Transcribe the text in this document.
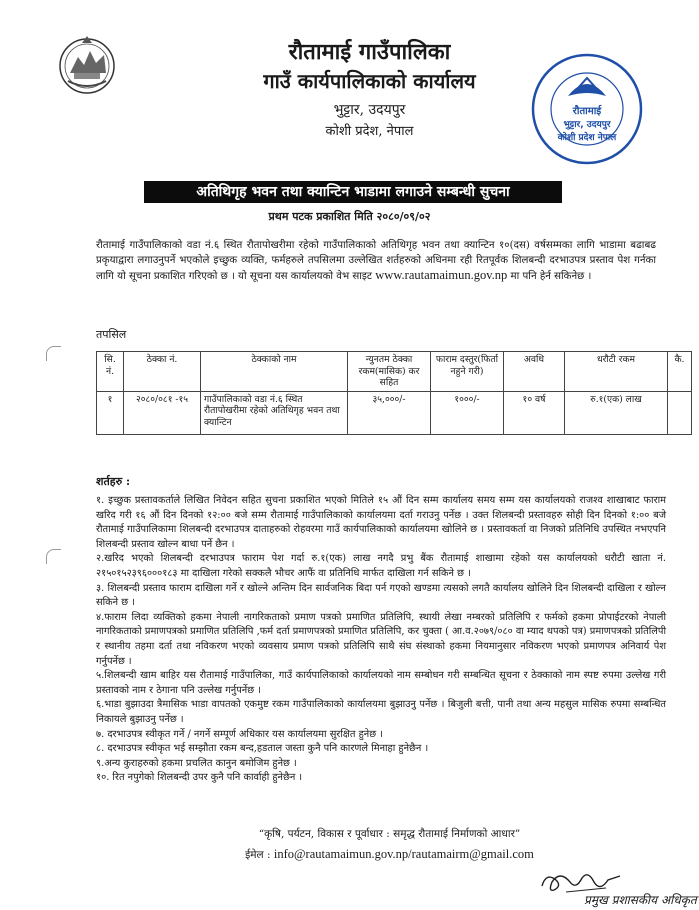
रौतामाई गाउँपालिका
गाउँ कार्यपालिकाको कार्यालय
भुट्टार, उदयपुर
कोशी प्रदेश, नेपाल
रौतामाई
भुट्टार, उदयपुर
कोशी प्रदेश नेपाल
अतिथिगृह भवन तथा क्यान्टिन भाडामा लगाउने सम्बन्धी सुचना
प्रथम पटक प्रकाशित मिति २०८०/०९/०२
रौतामाई गाउँपालिकाको वडा नं.६ स्थित रौतापोखरीमा रहेको गाउँपालिकाको अतिथिगृह भवन तथा क्यान्टिन १०(दस) वर्षसम्मका लागि भाडामा बढाबढ प्रकृयाद्वारा लगाउनुपर्ने भएकोले इच्छुक व्यक्ति, फर्महरुले तपसिलमा उल्लेखित शर्तहरुको अधिनमा रही रितपूर्वक शिलबन्दी दरभाउपत्र प्रस्ताव पेश गर्नका लागि यो सूचना प्रकाशित गरिएको छ । यो सूचना यस कार्यालयको वेभ साइट www.rautamaimun.gov.np मा पनि हेर्न सकिनेछ ।
तपसिल
सि. नं.	ठेक्का नं.	ठेक्काको नाम	न्युनतम ठेक्का रकम(मासिक) कर सहित	फाराम दस्तुर(फिर्ता नहुने गरी)	अवधि	धरौटी रकम	कै.
१	२०८०/०८१ -१५	गाउँपालिकाको वडा नं.६ स्थित रौतापोखरीमा रहेको अतिथिगृह भवन तथा क्यान्टिन	३५,०००/-	१०००/-	१० वर्ष	रु.१(एक) लाख	
शर्तहरु :
१. इच्छुक प्रस्तावकर्ताले लिखित निवेदन सहित सुचना प्रकाशित भएको मितिले १५ औं दिन सम्म कार्यालय समय सम्म यस कार्यालयको राजश्व शाखाबाट फाराम खरिद गरी १६ औं दिन दिनको १२:०० बजे सम्म रौतामाई गाउँपालिकाको कार्यालयमा दर्ता गराउनु पर्नेछ । उक्त शिलबन्दी प्रस्तावहरु सोही दिन दिनको १:०० बजे रौतामाई गाउँपालिकामा शिलबन्दी दरभाउपत्र दाताहरुको रोहवरमा गाउँ कार्यपालिकाको कार्यालयमा खोलिने छ । प्रस्तावकर्ता वा निजको प्रतिनिधि उपस्थित नभएपनि शिलबन्दी प्रस्ताव खोल्न बाधा पर्ने छैन ।
२.खरिद भएको शिलबन्दी दरभाउपत्र फाराम पेश गर्दा रु.१(एक) लाख नगदै प्रभु बैंक रौतामाई शाखामा रहेको यस कार्यालयको धरौटी खाता नं. २१५०१५२३९६०००१८३ मा दाखिला गरेको सक्कलै भौचर आफैं वा प्रतिनिधि मार्फत दाखिला गर्न सकिने छ ।
३. शिलबन्दी प्रस्ताव फाराम दाखिला गर्ने र खोल्ने अन्तिम दिन सार्वजनिक बिदा पर्न गएको खण्डमा त्यसको लगतै कार्यालय खोलिने दिन शिलबन्दी दाखिला र खोल्न सकिने छ ।
४.फाराम लिदा व्यक्तिको हकमा नेपाली नागरिकताको प्रमाण पत्रको प्रमाणित प्रतिलिपि, स्थायी लेखा नम्बरको प्रतिलिपि र फर्मको हकमा प्रोपाईटरको नेपाली नागरिकताको प्रमाणपत्रको प्रमाणित प्रतिलिपि ,फर्म दर्ता प्रमाणपत्रको प्रमाणित प्रतिलिपि, कर चुक्ता ( आ.व.२०७९/०८० वा म्याद थपको पत्र) प्रमाणपत्रको प्रतिलिपी र स्थानीय तहमा दर्ता तथा नविकरण भएको व्यवसाय प्रमाण पत्रको प्रतिलिपि साथै संघ संस्थाको हकमा नियमानुसार नविकरण भएको प्रमाणपत्र अनिवार्य पेश गर्नुपर्नेछ ।
५.शिलबन्दी खाम बाहिर यस रौतामाई गाउँपालिका, गाउँ कार्यपालिकाको कार्यालयको नाम सम्बोधन गरी सम्बन्धित सूचना र ठेक्काको नाम स्पष्ट रुपमा उल्लेख गरी प्रस्तावको नाम र ठेगाना पनि उल्लेख गर्नुपर्नेछ ।
६.भाडा बुझाउदा त्रैमासिक भाडा वापतको एकमुष्ट रकम गाउँपालिकाको कार्यालयमा बुझाउनु पर्नेछ । बिजुली बत्ती, पानी तथा अन्य महसुल मासिक रुपमा सम्बन्धित निकायले बुझाउनु पर्नेछ ।
७. दरभाउपत्र स्वीकृत गर्ने / नगर्ने सम्पूर्ण अधिकार यस कार्यालयमा सुरक्षित हुनेछ ।
८. दरभाउपत्र स्वीकृत भई सम्झौता रकम बन्द,हडताल जस्ता कुनै पनि कारणले मिनाहा हुनेछैन ।
९.अन्य कुराहरुको हकमा प्रचलित कानुन बमोजिम हुनेछ ।
१०. रित नपुगेको शिलबन्दी उपर कुनै पनि कार्वाही हुनेछैन ।
“कृषि, पर्यटन, विकास र पूर्वाधार : समृद्ध रौतामाई निर्माणको आधार”
ईमेल : info@rautamaimun.gov.np/rautamairm@gmail.com
प्रमुख प्रशासकीय अधिकृत
